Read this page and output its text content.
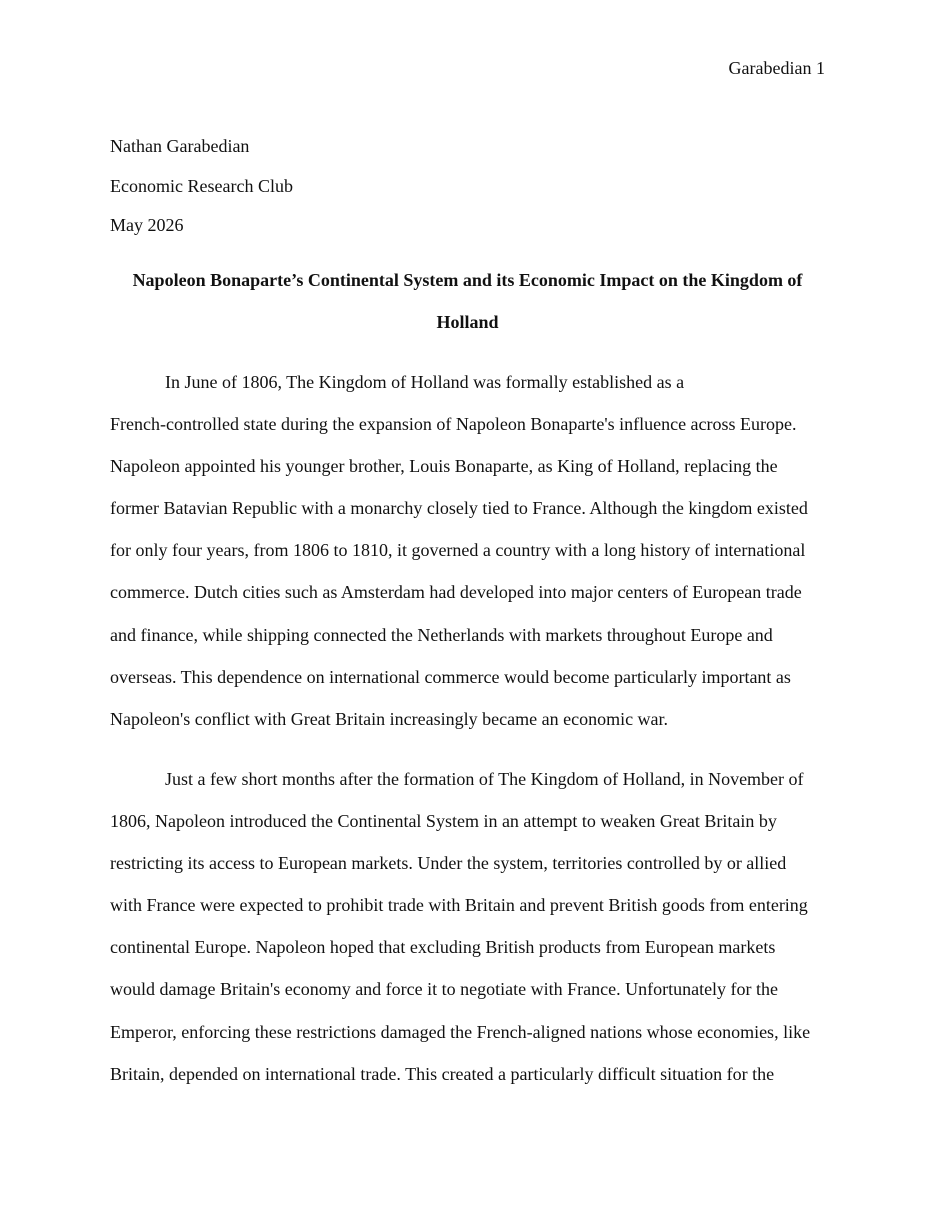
Garabedian 1
Nathan Garabedian
Economic Research Club
May 2026
Napoleon Bonaparte’s Continental System and its Economic Impact on the Kingdom of
Holland
In June of 1806, The Kingdom of Holland was formally established as a
French-controlled state during the expansion of Napoleon Bonaparte's influence across Europe.
Napoleon appointed his younger brother, Louis Bonaparte, as King of Holland, replacing the
former Batavian Republic with a monarchy closely tied to France. Although the kingdom existed
for only four years, from 1806 to 1810, it governed a country with a long history of international
commerce. Dutch cities such as Amsterdam had developed into major centers of European trade
and finance, while shipping connected the Netherlands with markets throughout Europe and
overseas. This dependence on international commerce would become particularly important as
Napoleon's conflict with Great Britain increasingly became an economic war.
Just a few short months after the formation of The Kingdom of Holland, in November of
1806, Napoleon introduced the Continental System in an attempt to weaken Great Britain by
restricting its access to European markets. Under the system, territories controlled by or allied
with France were expected to prohibit trade with Britain and prevent British goods from entering
continental Europe. Napoleon hoped that excluding British products from European markets
would damage Britain's economy and force it to negotiate with France. Unfortunately for the
Emperor, enforcing these restrictions damaged the French-aligned nations whose economies, like
Britain, depended on international trade. This created a particularly difficult situation for the
